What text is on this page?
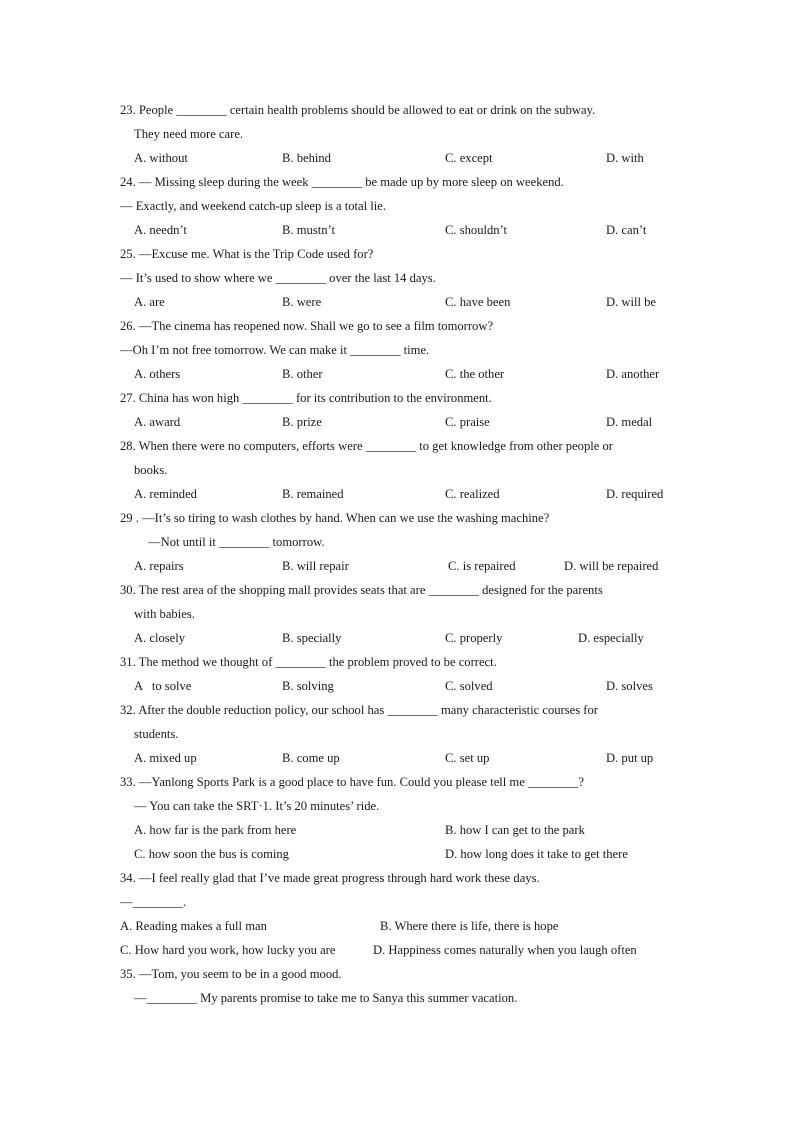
23. People ________ certain health problems should be allowed to eat or drink on the subway.
They need more care.
A. without	B. behind	C. except	D. with
24. — Missing sleep during the week ________ be made up by more sleep on weekend.
— Exactly, and weekend catch-up sleep is a total lie.
A. needn’t	B. mustn’t	C. shouldn’t	D. can’t
25. —Excuse me. What is the Trip Code used for?
— It’s used to show where we ________ over the last 14 days.
A. are	B. were	C. have been	D. will be
26. —The cinema has reopened now. Shall we go to see a film tomorrow?
—Oh I’m not free tomorrow. We can make it ________ time.
A. others	B. other	C. the other	D. another
27. China has won high ________ for its contribution to the environment.
A. award	B. prize	C. praise	D. medal
28. When there were no computers, efforts were ________ to get knowledge from other people or
books.
A. reminded	B. remained	C. realized	D. required
29 . —It’s so tiring to wash clothes by hand. When can we use the washing machine?
—Not until it ________ tomorrow.
A. repairs	B. will repair	C. is repaired	D. will be repaired
30. The rest area of the shopping mall provides seats that are ________ designed for the parents
with babies.
A. closely	B. specially	C. properly	D. especially
31. The method we thought of ________ the problem proved to be correct.
A   to solve	B. solving	C. solved	D. solves
32. After the double reduction policy, our school has ________ many characteristic courses for
students.
A. mixed up	B. come up	C. set up	D. put up
33. —Yanlong Sports Park is a good place to have fun. Could you please tell me ________?
— You can take the SRT·1. It’s 20 minutes’ ride.
A. how far is the park from here	B. how I can get to the park
C. how soon the bus is coming	D. how long does it take to get there
34. —I feel really glad that I’ve made great progress through hard work these days.
—________.
A. Reading makes a full man	B. Where there is life, there is hope
C. How hard you work, how lucky you are	D. Happiness comes naturally when you laugh often
35. —Tom, you seem to be in a good mood.
—________ My parents promise to take me to Sanya this summer vacation.
